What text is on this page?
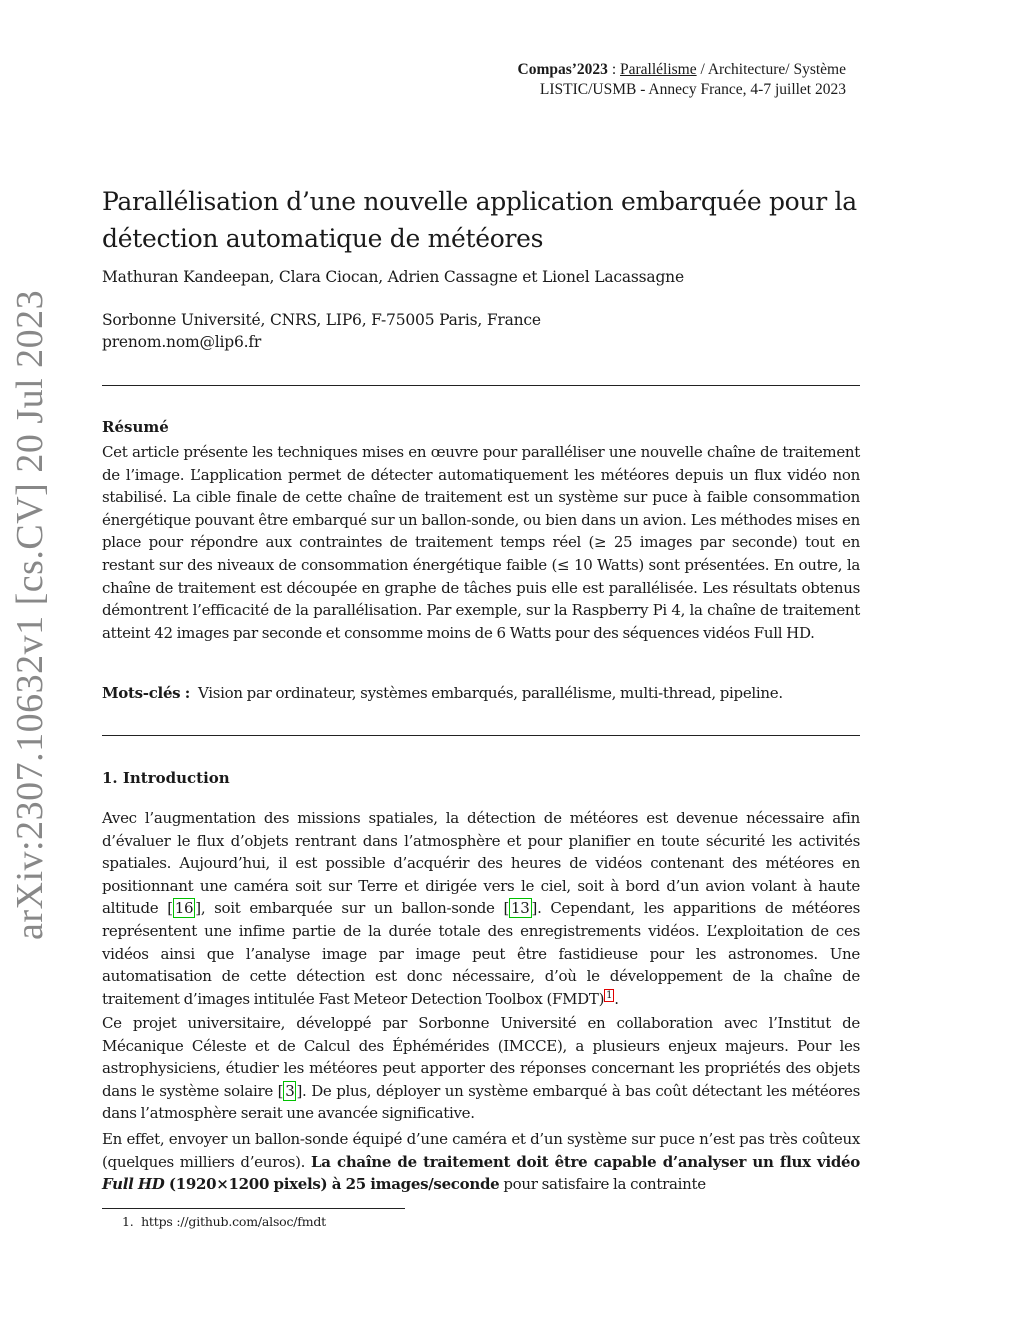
Compas’2023 : Parallélisme / Architecture/ Système
LISTIC/USMB - Annecy France, 4-7 juillet 2023
Parallélisation d’une nouvelle application embarquée pour la détection automatique de météores
Mathuran Kandeepan, Clara Ciocan, Adrien Cassagne et Lionel Lacassagne
Sorbonne Université, CNRS, LIP6, F-75005 Paris, France
prenom.nom@lip6.fr
arXiv:2307.10632v1 [cs.CV] 20 Jul 2023	Résumé
Cet article présente les techniques mises en œuvre pour paralléliser une nouvelle chaîne de traitement de l’image. L’application permet de détecter automatiquement les météores depuis un flux vidéo non stabilisé. La cible finale de cette chaîne de traitement est un système sur puce à faible consommation énergétique pouvant être embarqué sur un ballon-sonde, ou bien dans un avion. Les méthodes mises en place pour répondre aux contraintes de traitement temps réel (≥ 25 images par seconde) tout en restant sur des niveaux de consommation énergétique faible (≤ 10 Watts) sont présentées. En outre, la chaîne de traitement est découpée en graphe de tâches puis elle est parallélisée. Les résultats obtenus démontrent l’efficacité de la parallélisation. Par exemple, sur la Raspberry Pi 4, la chaîne de traitement atteint 42 images par seconde et consomme moins de 6 Watts pour des séquences vidéos Full HD.
Mots-clés : Vision par ordinateur, systèmes embarqués, parallélisme, multi-thread, pipeline.
1. Introduction
Avec l’augmentation des missions spatiales, la détection de météores est devenue nécessaire afin d’évaluer le flux d’objets rentrant dans l’atmosphère et pour planifier en toute sécurité les activités spatiales. Aujourd’hui, il est possible d’acquérir des heures de vidéos contenant des météores en positionnant une caméra soit sur Terre et dirigée vers le ciel, soit à bord d’un avion volant à haute altitude [ 16 ], soit embarquée sur un ballon-sonde [ 13 ]. Cependant, les apparitions de météores représentent une infime partie de la durée totale des enregistrements vidéos. L’exploitation de ces vidéos ainsi que l’analyse image par image peut être fastidieuse pour les astronomes. Une automatisation de cette détection est donc nécessaire, d’où le développement de la chaîne de traitement d’images intitulée Fast Meteor Detection Toolbox (FMDT) $^1$ .
Ce projet universitaire, développé par Sorbonne Université en collaboration avec l’Institut de Mécanique Céleste et de Calcul des Éphémérides (IMCCE), a plusieurs enjeux majeurs. Pour les astrophysiciens, étudier les météores peut apporter des réponses concernant les propriétés des objets dans le système solaire [ 3 ]. De plus, déployer un système embarqué à bas coût détectant les météores dans l’atmosphère serait une avancée significative.
En effet, envoyer un ballon-sonde équipé d’une caméra et d’un système sur puce n’est pas très coûteux (quelques milliers d’euros). La chaîne de traitement doit être capable d’analyser un flux vidéo Full HD (1920×1200 pixels) à 25 images/seconde pour satisfaire la contrainte
1. https ://github.com/alsoc/fmdt
